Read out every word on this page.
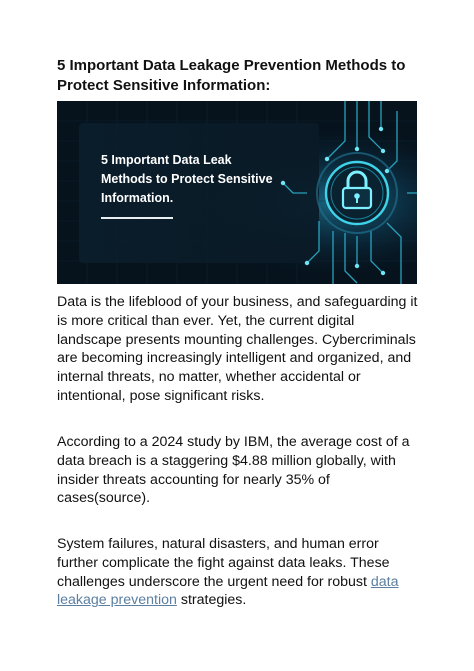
5 Important Data Leakage Prevention Methods to Protect Sensitive Information:
5 Important Data Leak
Methods to Protect Sensitive
Information.

Data is the lifeblood of your business, and safeguarding it is more critical than ever. Yet, the current digital landscape presents mounting challenges. Cybercriminals are becoming increasingly intelligent and organized, and internal threats, no matter, whether accidental or intentional, pose significant risks.

According to a 2024 study by IBM, the average cost of a data breach is a staggering $4.88 million globally, with insider threats accounting for nearly 35% of cases(source).

System failures, natural disasters, and human error further complicate the fight against data leaks. These challenges underscore the urgent need for robust data leakage prevention strategies.
